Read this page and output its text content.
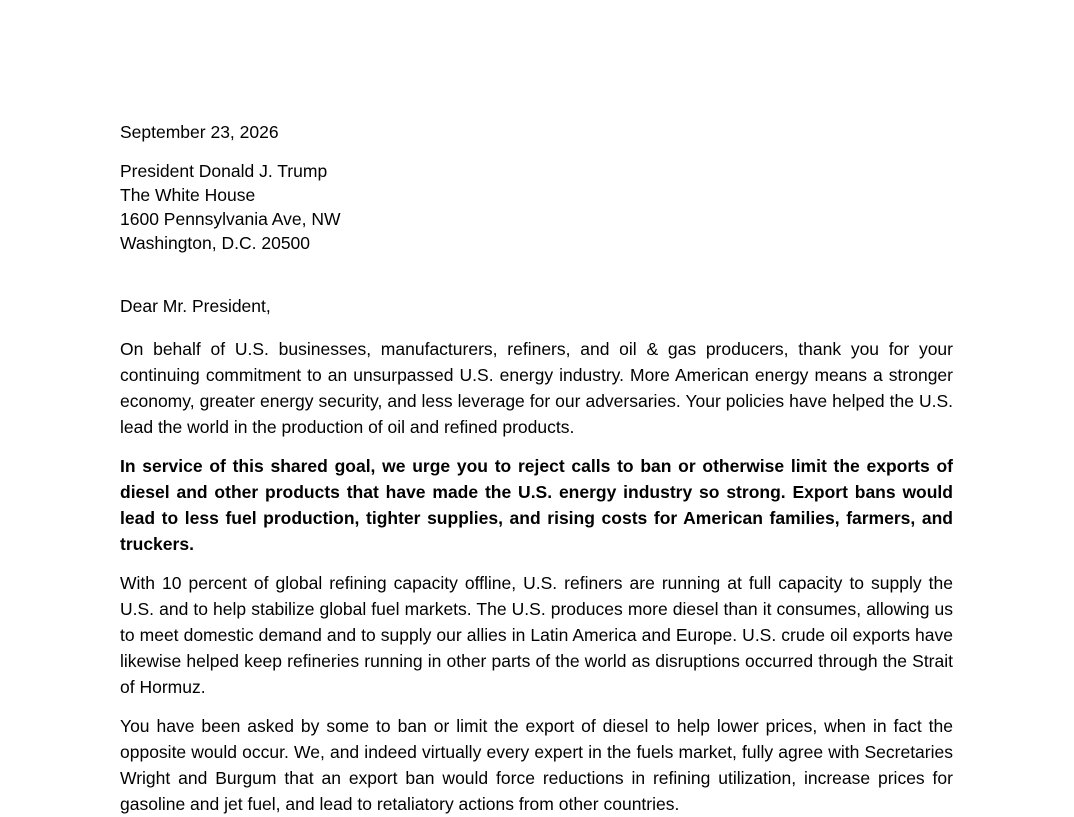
September 23, 2026

President Donald J. Trump
The White House
1600 Pennsylvania Ave, NW
Washington, D.C. 20500

Dear Mr. President,

On behalf of U.S. businesses, manufacturers, refiners, and oil & gas producers, thank you for your continuing commitment to an unsurpassed U.S. energy industry. More American energy means a stronger economy, greater energy security, and less leverage for our adversaries. Your policies have helped the U.S. lead the world in the production of oil and refined products.

In service of this shared goal, we urge you to reject calls to ban or otherwise limit the exports of diesel and other products that have made the U.S. energy industry so strong. Export bans would lead to less fuel production, tighter supplies, and rising costs for American families, farmers, and truckers.

With 10 percent of global refining capacity offline, U.S. refiners are running at full capacity to supply the U.S. and to help stabilize global fuel markets. The U.S. produces more diesel than it consumes, allowing us to meet domestic demand and to supply our allies in Latin America and Europe. U.S. crude oil exports have likewise helped keep refineries running in other parts of the world as disruptions occurred through the Strait of Hormuz.

You have been asked by some to ban or limit the export of diesel to help lower prices, when in fact the opposite would occur. We, and indeed virtually every expert in the fuels market, fully agree with Secretaries Wright and Burgum that an export ban would force reductions in refining utilization, increase prices for gasoline and jet fuel, and lead to retaliatory actions from other countries.
